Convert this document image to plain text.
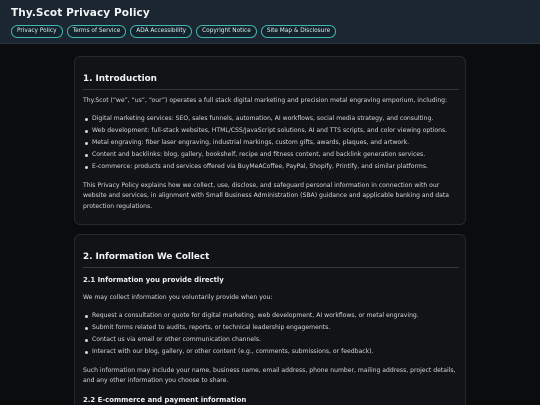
Thy.Scot Privacy Policy
Privacy Policy	Terms of Service	ADA Accessibility	Copyright Notice	Site Map & Disclosure
1. Introduction
Thy.Scot (“we”, “us”, “our”) operates a full stack digital marketing and precision metal engraving emporium, including:
Digital marketing services: SEO, sales funnels, automation, AI workflows, social media strategy, and consulting.
Web development: full-stack websites, HTML/CSS/JavaScript solutions, AI and TTS scripts, and color viewing options.
Metal engraving: fiber laser engraving, industrial markings, custom gifts, awards, plaques, and artwork.
Content and backlinks: blog, gallery, bookshelf, recipe and fitness content, and backlink generation services.
E-commerce: products and services offered via BuyMeACoffee, PayPal, Shopify, Printify, and similar platforms.
This Privacy Policy explains how we collect, use, disclose, and safeguard personal information in connection with our website and services, in alignment with Small Business Administration (SBA) guidance and applicable banking and data protection regulations.
2. Information We Collect
2.1 Information you provide directly
We may collect information you voluntarily provide when you:
Request a consultation or quote for digital marketing, web development, AI workflows, or metal engraving.
Submit forms related to audits, reports, or technical leadership engagements.
Contact us via email or other communication channels.
Interact with our blog, gallery, or other content (e.g., comments, submissions, or feedback).
Such information may include your name, business name, email address, phone number, mailing address, project details, and any other information you choose to share.
2.2 E-commerce and payment information
